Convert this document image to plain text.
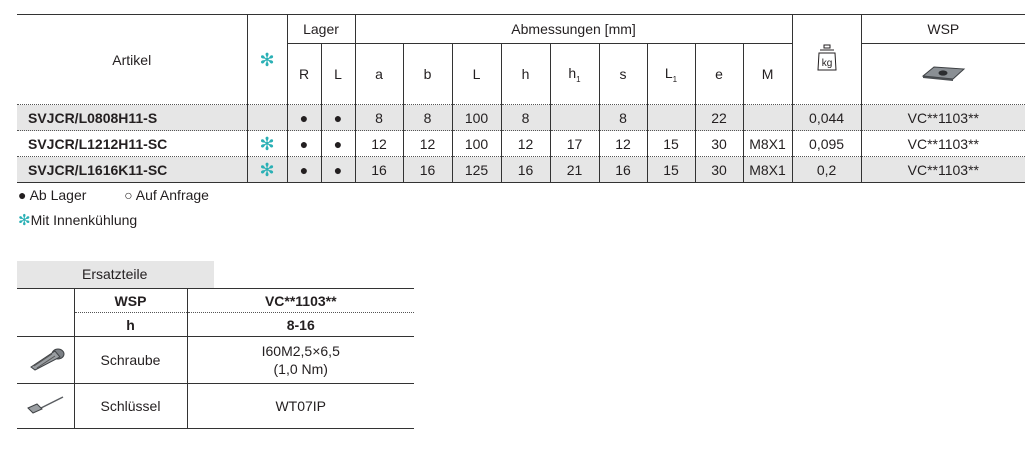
Artikel	✻	Lager		Abmessungen [mm]									kg	WSP
		R	L	a	b	L	h	$h_1$	s	$L_1$	e	M	
SVJCR/L0808H11-S		●	●	8	8	100	8		8		22		0,044	VC**1103**
SVJCR/L1212H11-SC	✻	●	●	12	12	100	12	17	12	15	30	M8X1	0,095	VC**1103**
SVJCR/L1616K11-SC	✻	●	●	16	16	125	16	21	16	15	30	M8X1	0,2	VC**1103**
● Ab Lager	○ Auf Anfrage
✻Mit Innenkühlung
Ersatzteile
	WSP	VC**1103**
	h	8-16
	Schraube	I60M2,5×6,5
(1,0 Nm)

	Schlüssel	WT07IP
